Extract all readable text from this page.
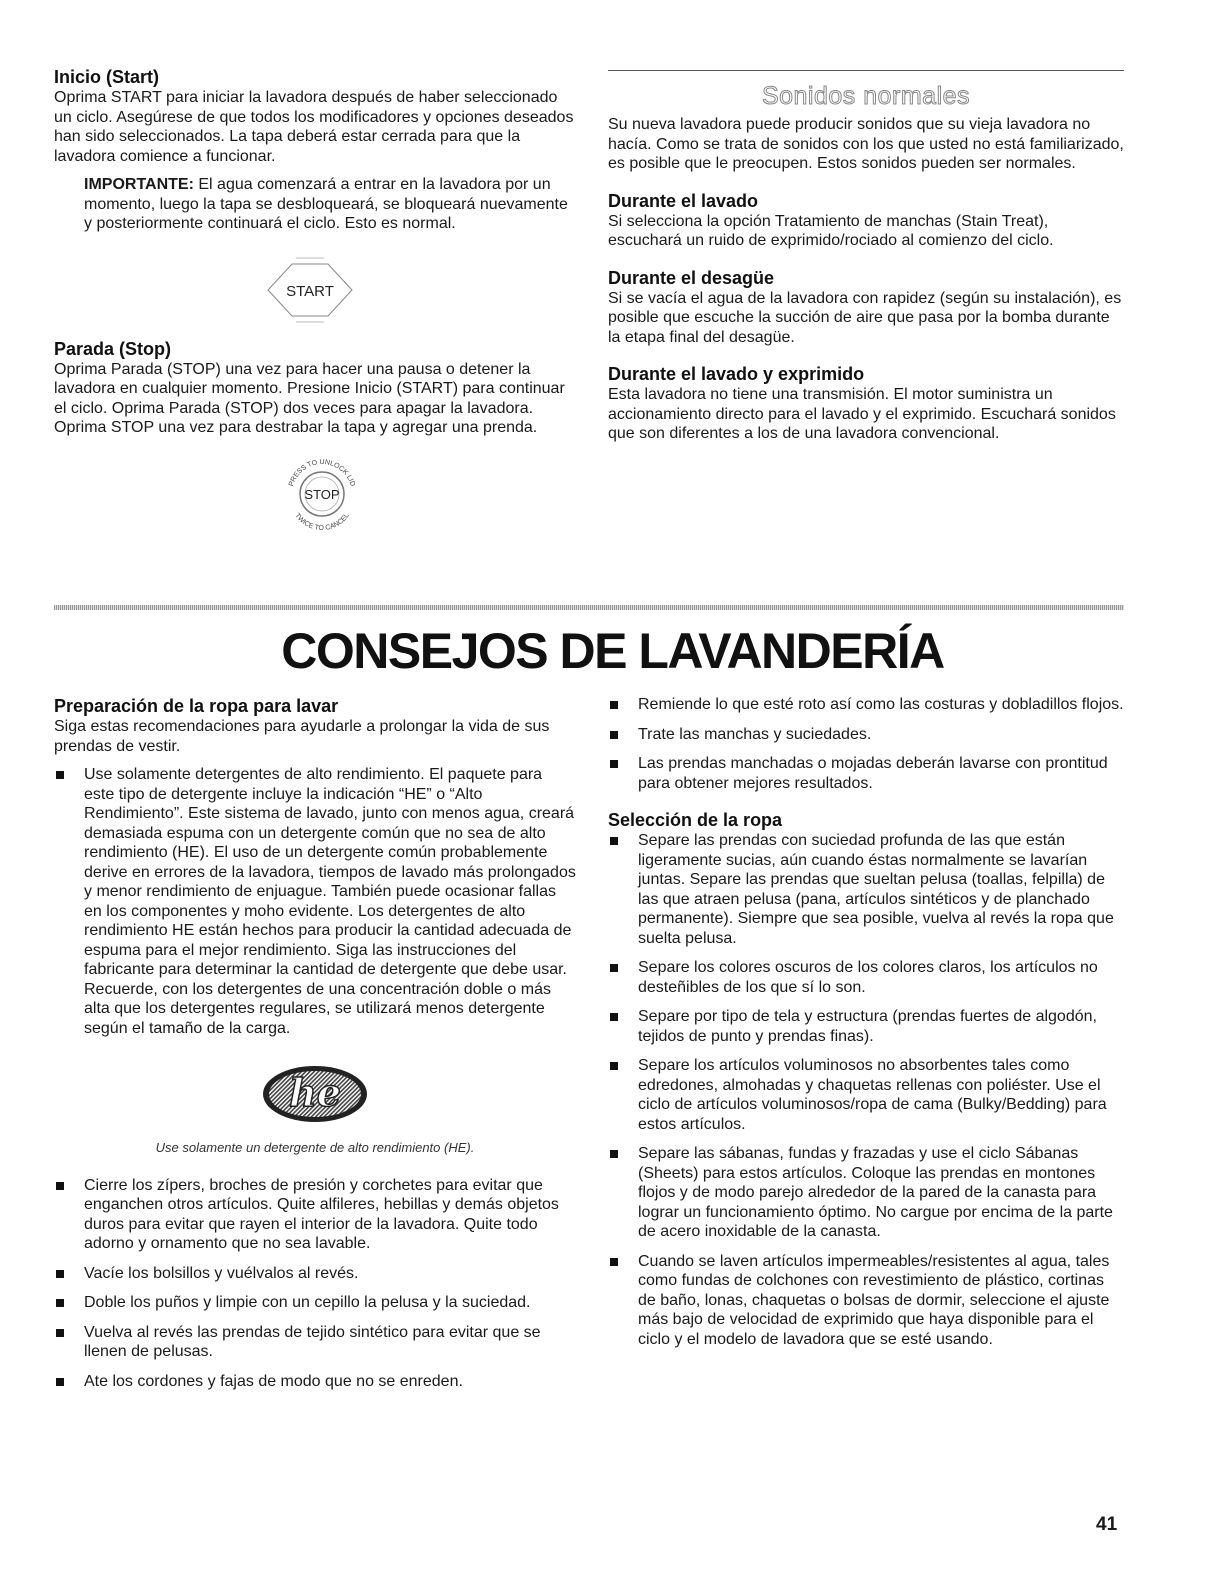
Inicio (Start)

Oprima START para iniciar la lavadora después de haber seleccionado un ciclo. Asegúrese de que todos los modificadores y opciones deseados han sido seleccionados. La tapa deberá estar cerrada para que la lavadora comience a funcionar.

IMPORTANTE: El agua comenzará a entrar en la lavadora por un momento, luego la tapa se desbloqueará, se bloqueará nuevamente y posteriormente continuará el ciclo. Esto es normal.

START
Parada (Stop)

Oprima Parada (STOP) una vez para hacer una pausa o detener la lavadora en cualquier momento. Presione Inicio (START) para continuar el ciclo. Oprima Parada (STOP) dos veces para apagar la lavadora. Oprima STOP una vez para destrabar la tapa y agregar una prenda.

STOP
PRESS TO UNLOCK LID
TWICE TO CANCEL
Sonidos normales

Su nueva lavadora puede producir sonidos que su vieja lavadora no hacía. Como se trata de sonidos con los que usted no está familiarizado, es posible que le preocupen. Estos sonidos pueden ser normales.

Durante el lavado

Si selecciona la opción Tratamiento de manchas (Stain Treat), escuchará un ruido de exprimido/rociado al comienzo del ciclo.

Durante el desagüe

Si se vacía el agua de la lavadora con rapidez (según su instalación), es posible que escuche la succión de aire que pasa por la bomba durante la etapa final del desagüe.

Durante el lavado y exprimido

Esta lavadora no tiene una transmisión. El motor suministra un accionamiento directo para el lavado y el exprimido. Escuchará sonidos que son diferentes a los de una lavadora convencional.

CONSEJOS DE LAVANDERÍA
Preparación de la ropa para lavar

Siga estas recomendaciones para ayudarle a prolongar la vida de sus prendas de vestir.

Use solamente detergentes de alto rendimiento. El paquete para este tipo de detergente incluye la indicación “HE” o “Alto Rendimiento”. Este sistema de lavado, junto con menos agua, creará demasiada espuma con un detergente común que no sea de alto rendimiento (HE). El uso de un detergente común probablemente derive en errores de la lavadora, tiempos de lavado más prolongados y menor rendimiento de enjuague. También puede ocasionar fallas en los componentes y moho evidente. Los detergentes de alto rendimiento HE están hechos para producir la cantidad adecuada de espuma para el mejor rendimiento. Siga las instrucciones del fabricante para determinar la cantidad de detergente que debe usar. Recuerde, con los detergentes de una concentración doble o más alta que los detergentes regulares, se utilizará menos detergente según el tamaño de la carga.
he

Use solamente un detergente de alto rendimiento (HE).

Cierre los zípers, broches de presión y corchetes para evitar que enganchen otros artículos. Quite alfileres, hebillas y demás objetos duros para evitar que rayen el interior de la lavadora. Quite todo adorno y ornamento que no sea lavable.
Vacíe los bolsillos y vuélvalos al revés.
Doble los puños y limpie con un cepillo la pelusa y la suciedad.
Vuelva al revés las prendas de tejido sintético para evitar que se llenen de pelusas.
Ate los cordones y fajas de modo que no se enreden.
Remiende lo que esté roto así como las costuras y dobladillos flojos.
Trate las manchas y suciedades.
Las prendas manchadas o mojadas deberán lavarse con prontitud para obtener mejores resultados.
Selección de la ropa
Separe las prendas con suciedad profunda de las que están ligeramente sucias, aún cuando éstas normalmente se lavarían juntas. Separe las prendas que sueltan pelusa (toallas, felpilla) de las que atraen pelusa (pana, artículos sintéticos y de planchado permanente). Siempre que sea posible, vuelva al revés la ropa que suelta pelusa.
Separe los colores oscuros de los colores claros, los artículos no desteñibles de los que sí lo son.
Separe por tipo de tela y estructura (prendas fuertes de algodón, tejidos de punto y prendas finas).
Separe los artículos voluminosos no absorbentes tales como edredones, almohadas y chaquetas rellenas con poliéster. Use el ciclo de artículos voluminosos/ropa de cama (Bulky/Bedding) para estos artículos.
Separe las sábanas, fundas y frazadas y use el ciclo Sábanas (Sheets) para estos artículos. Coloque las prendas en montones flojos y de modo parejo alrededor de la pared de la canasta para lograr un funcionamiento óptimo. No cargue por encima de la parte de acero inoxidable de la canasta.
Cuando se laven artículos impermeables/resistentes al agua, tales como fundas de colchones con revestimiento de plástico, cortinas de baño, lonas, chaquetas o bolsas de dormir, seleccione el ajuste más bajo de velocidad de exprimido que haya disponible para el ciclo y el modelo de lavadora que se esté usando.

41
